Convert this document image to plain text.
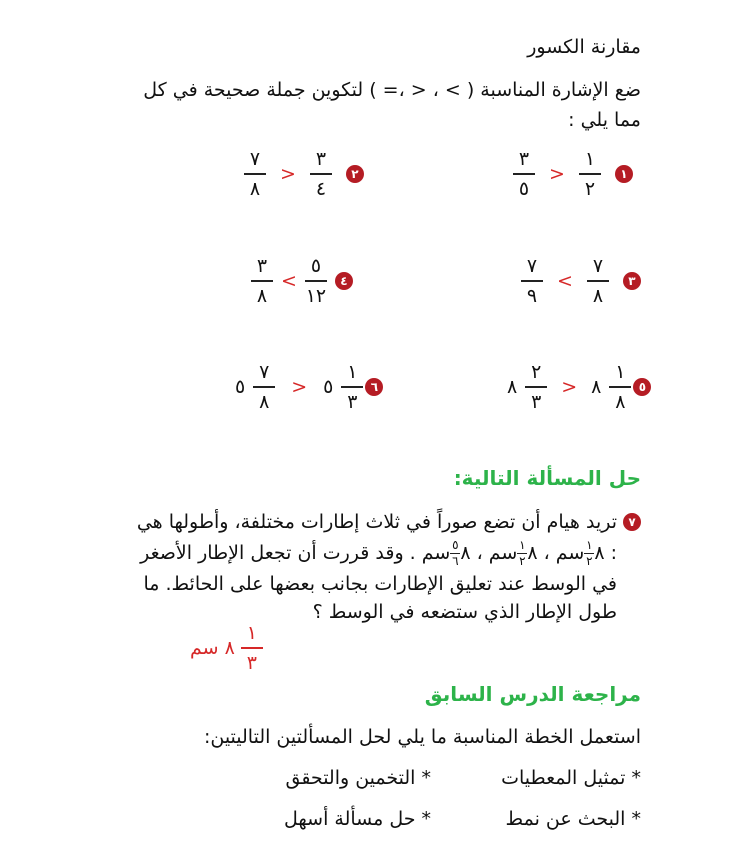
مقارنة الكسور
ضع الإشارة المناسبة ( > ، < ،= ) لتكوين جملة صحيحة في كل مما يلي :
$\frac{٣}{٥} > \frac{١}{٢}$	١
$\frac{٧}{٨} > \frac{٣}{٤}$	٢
$\frac{٧}{٩} < \frac{٧}{٨}$	٣
$\frac{٣}{٨} < \frac{٥}{١٢}$	٤
٨ $\frac{٢}{٣}$ > ٨ $\frac{١}{٨}$ ٥
٥ $\frac{٧}{٨}$ > ٥ $\frac{١}{٣}$ ٦
حل المسألة التالية:
٧
تريد هيام أن تضع صوراً في ثلاث إطارات مختلفة، وأطولها هي
: ٨
$\frac{١}{٢}$
سم ، ٨
$\frac{١}{٢}$
سم ، ٨
$\frac{٥}{٦}$
سم . وقد قررت أن تجعل الإطار الأصغر
في الوسط عند تعليق الإطارات بجانب بعضها على الحائط. ما
طول الإطار الذي ستضعه في الوسط ؟
سم ٨ $\frac{١}{٣}$
مراجعة الدرس السابق
استعمل الخطة المناسبة ما يلي لحل المسألتين التاليتين:
* تمثيل المعطيات
* التخمين والتحقق
* البحث عن نمط
* حل مسألة أسهل
